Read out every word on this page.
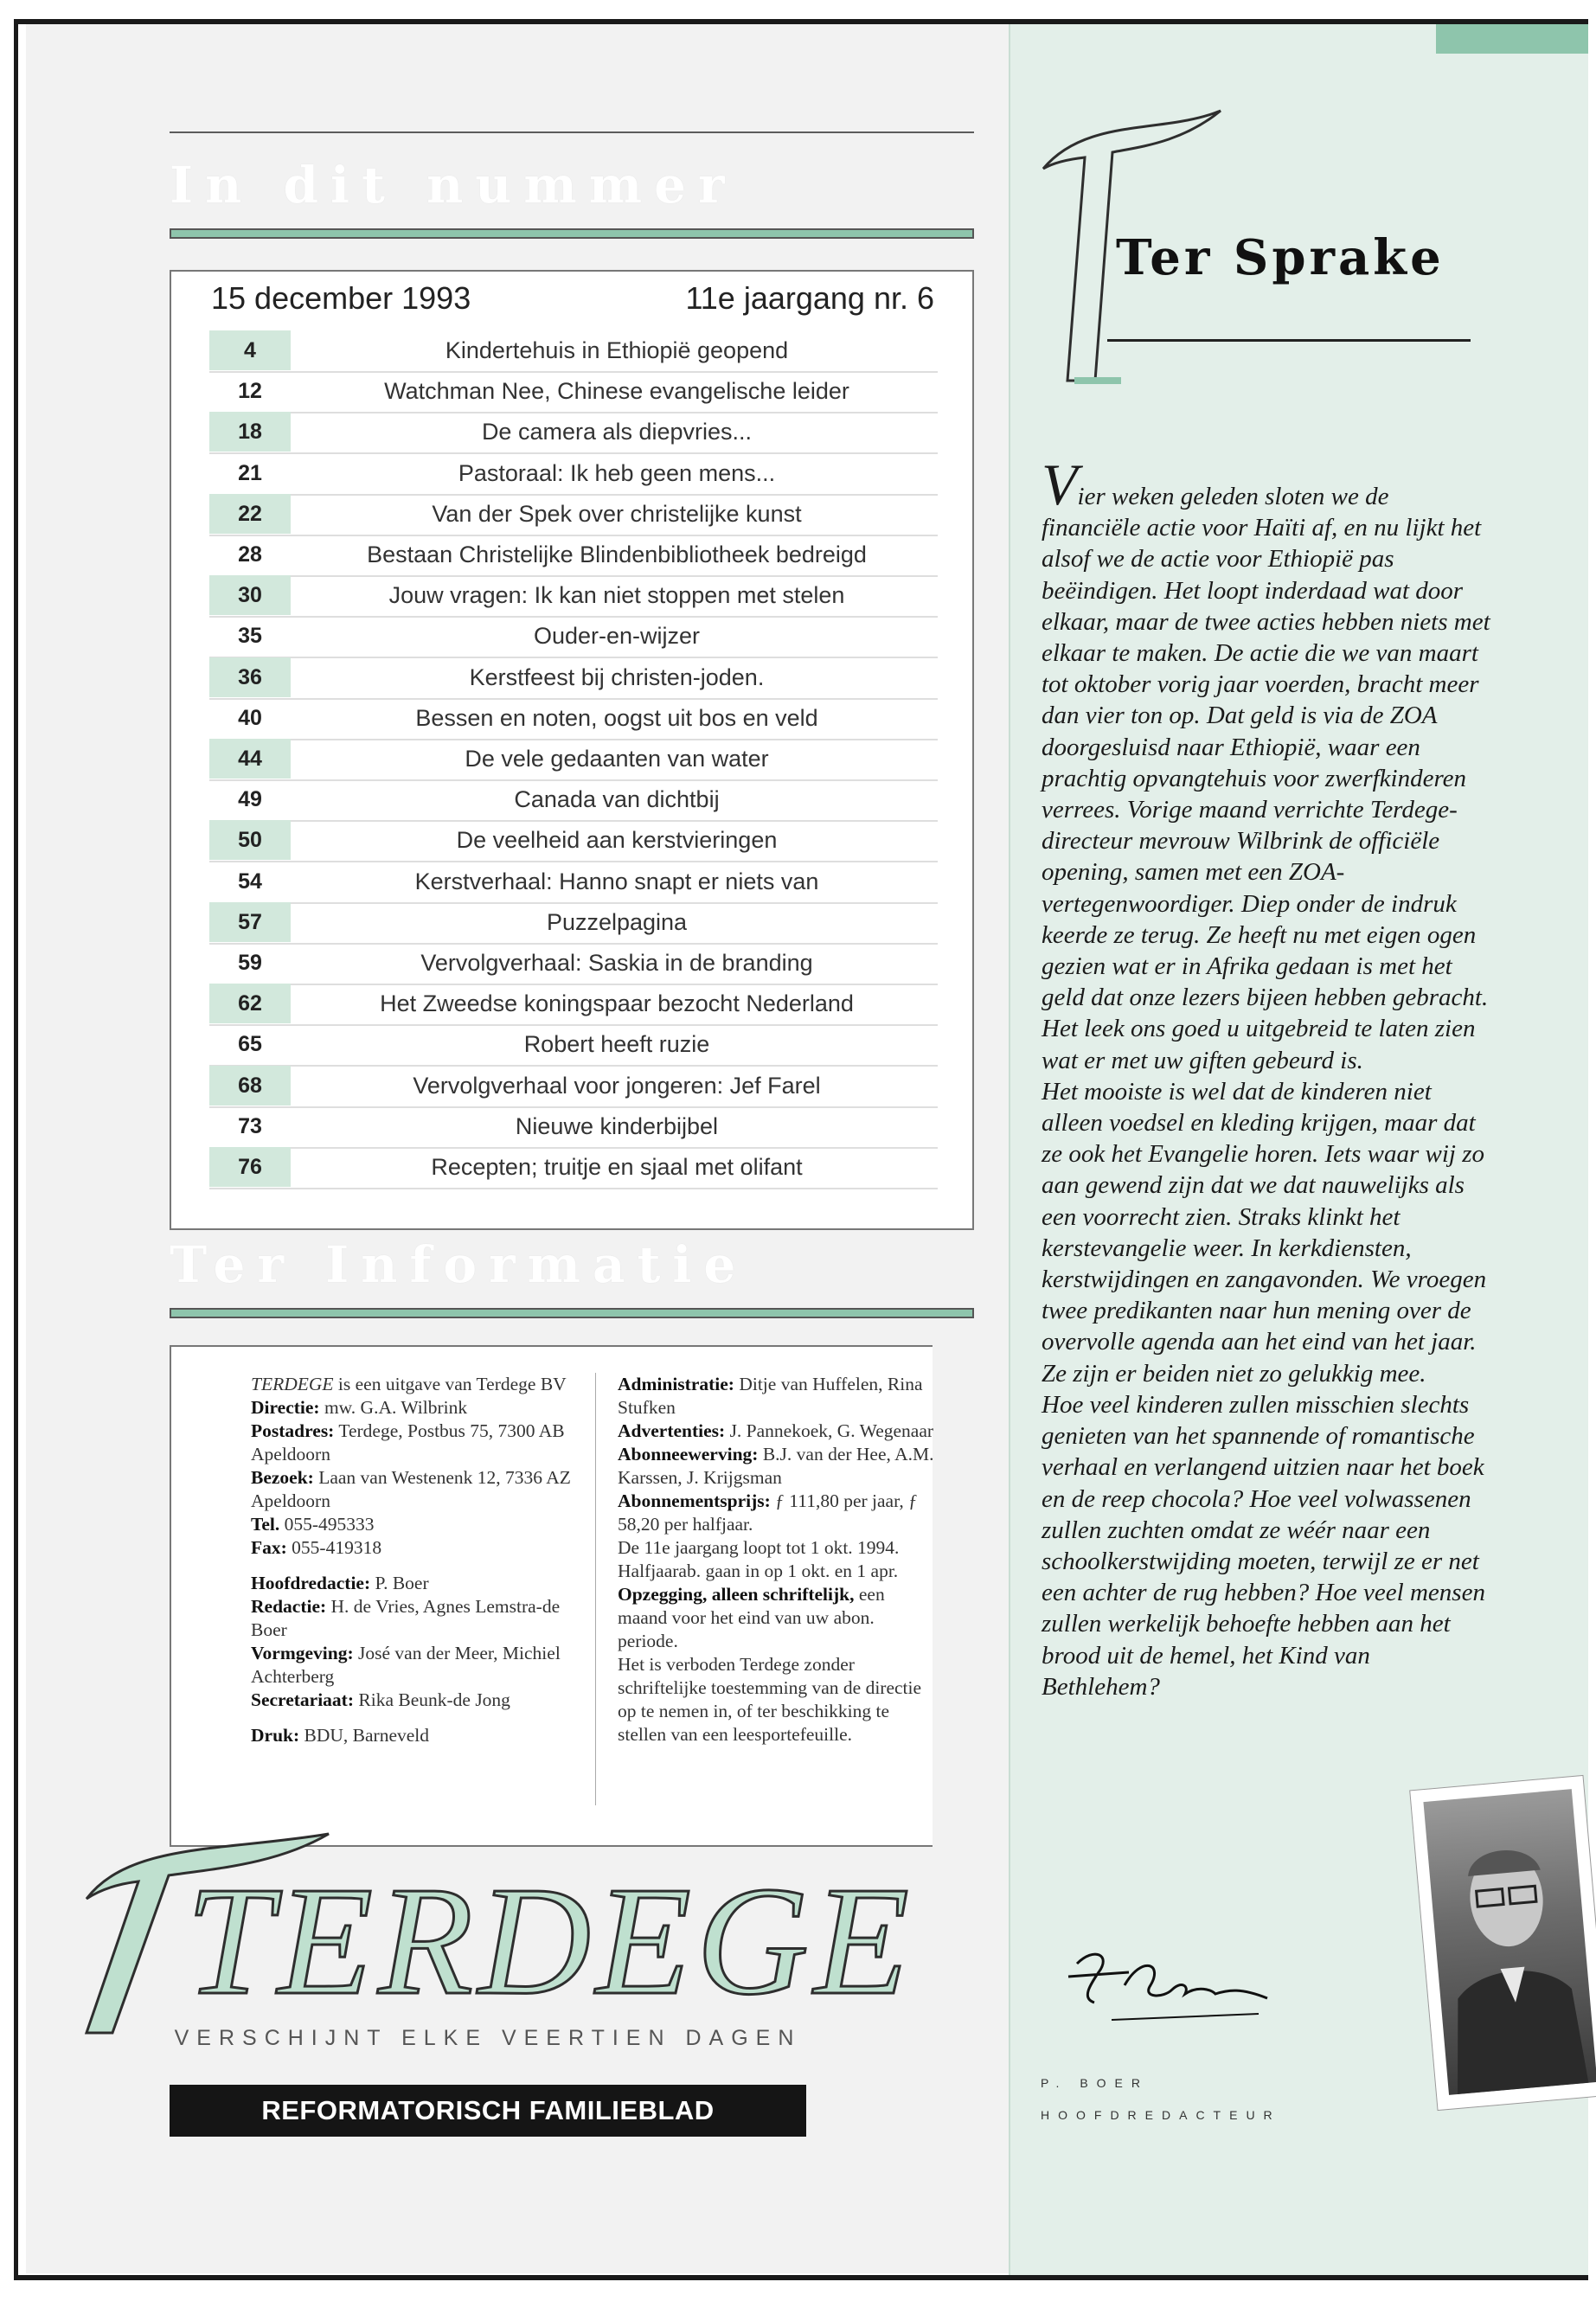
In dit nummer
15 december 1993	11e jaargang nr. 6
4	Kindertehuis in Ethiopië geopend
12	Watchman Nee, Chinese evangelische leider
18	De camera als diepvries...
21	Pastoraal: Ik heb geen mens...
22	Van der Spek over christelijke kunst
28	Bestaan Christelijke Blindenbibliotheek bedreigd
30	Jouw vragen: Ik kan niet stoppen met stelen
35	Ouder-en-wijzer
36	Kerstfeest bij christen-joden.
40	Bessen en noten, oogst uit bos en veld
44	De vele gedaanten van water
49	Canada van dichtbij
50	De veelheid aan kerstvieringen
54	Kerstverhaal: Hanno snapt er niets van
57	Puzzelpagina
59	Vervolgverhaal: Saskia in de branding
62	Het Zweedse koningspaar bezocht Nederland
65	Robert heeft ruzie
68	Vervolgverhaal voor jongeren: Jef Farel
73	Nieuwe kinderbijbel
76	Recepten; truitje en sjaal met olifant
Ter Informatie

TERDEGE is een uitgave van Terdege BV
Directie: mw. G.A. Wilbrink
Postadres: Terdege, Postbus 75, 7300 AB Apeldoorn
Bezoek: Laan van Westenenk 12, 7336 AZ Apeldoorn
Tel. 055-495333
Fax: 055-419318

Hoofdredactie: P. Boer
Redactie: H. de Vries, Agnes Lemstra-de Boer
Vormgeving: José van der Meer, Michiel Achterberg
Secretariaat: Rika Beunk-de Jong

Druk: BDU, Barneveld

Administratie: Ditje van Huffelen, Rina Stufken
Advertenties: J. Pannekoek, G. Wegenaar
Abonneewerving: B.J. van der Hee, A.M. Karssen, J. Krijgsman
Abonnementsprijs: ƒ 111,80 per jaar, ƒ 58,20 per halfjaar.
De 11e jaargang loopt tot 1 okt. 1994. Halfjaarab. gaan in op 1 okt. en 1 apr. Opzegging, alleen schriftelijk, een maand voor het eind van uw abon. periode.
Het is verboden Terdege zonder schriftelijke toestemming van de directie op te nemen in, of ter beschikking te stellen van een leesportefeuille.

TERDEGE
VERSCHIJNT ELKE VEERTIEN DAGEN
REFORMATORISCH FAMILIEBLAD
Ter Sprake

Vier weken geleden sloten we de financiële actie voor Haïti af, en nu lijkt het alsof we de actie voor Ethiopië pas beëindigen. Het loopt inderdaad wat door elkaar, maar de twee acties hebben niets met elkaar te maken. De actie die we van maart tot oktober vorig jaar voerden, bracht meer dan vier ton op. Dat geld is via de ZOA doorgesluisd naar Ethiopië, waar een prachtig opvangtehuis voor zwerfkinderen verrees. Vorige maand verrichte Terdege-directeur mevrouw Wilbrink de officiële opening, samen met een ZOA-vertegenwoordiger. Diep onder de indruk keerde ze terug. Ze heeft nu met eigen ogen gezien wat er in Afrika gedaan is met het geld dat onze lezers bijeen hebben gebracht. Het leek ons goed u uitgebreid te laten zien wat er met uw giften gebeurd is.

Het mooiste is wel dat de kinderen niet alleen voedsel en kleding krijgen, maar dat ze ook het Evangelie horen. Iets waar wij zo aan gewend zijn dat we dat nauwelijks als een voorrecht zien. Straks klinkt het kerstevangelie weer. In kerkdiensten, kerstwijdingen en zangavonden. We vroegen twee predikanten naar hun mening over de overvolle agenda aan het eind van het jaar. Ze zijn er beiden niet zo gelukkig mee.

Hoe veel kinderen zullen misschien slechts genieten van het spannende of romantische verhaal en verlangend uitzien naar het boek en de reep chocola? Hoe veel volwassenen zullen zuchten omdat ze wéér naar een schoolkerstwijding moeten, terwijl ze er net een achter de rug hebben? Hoe veel mensen zullen werkelijk behoefte hebben aan het brood uit de hemel, het Kind van Bethlehem?

P. BOER
HOOFDREDACTEUR
